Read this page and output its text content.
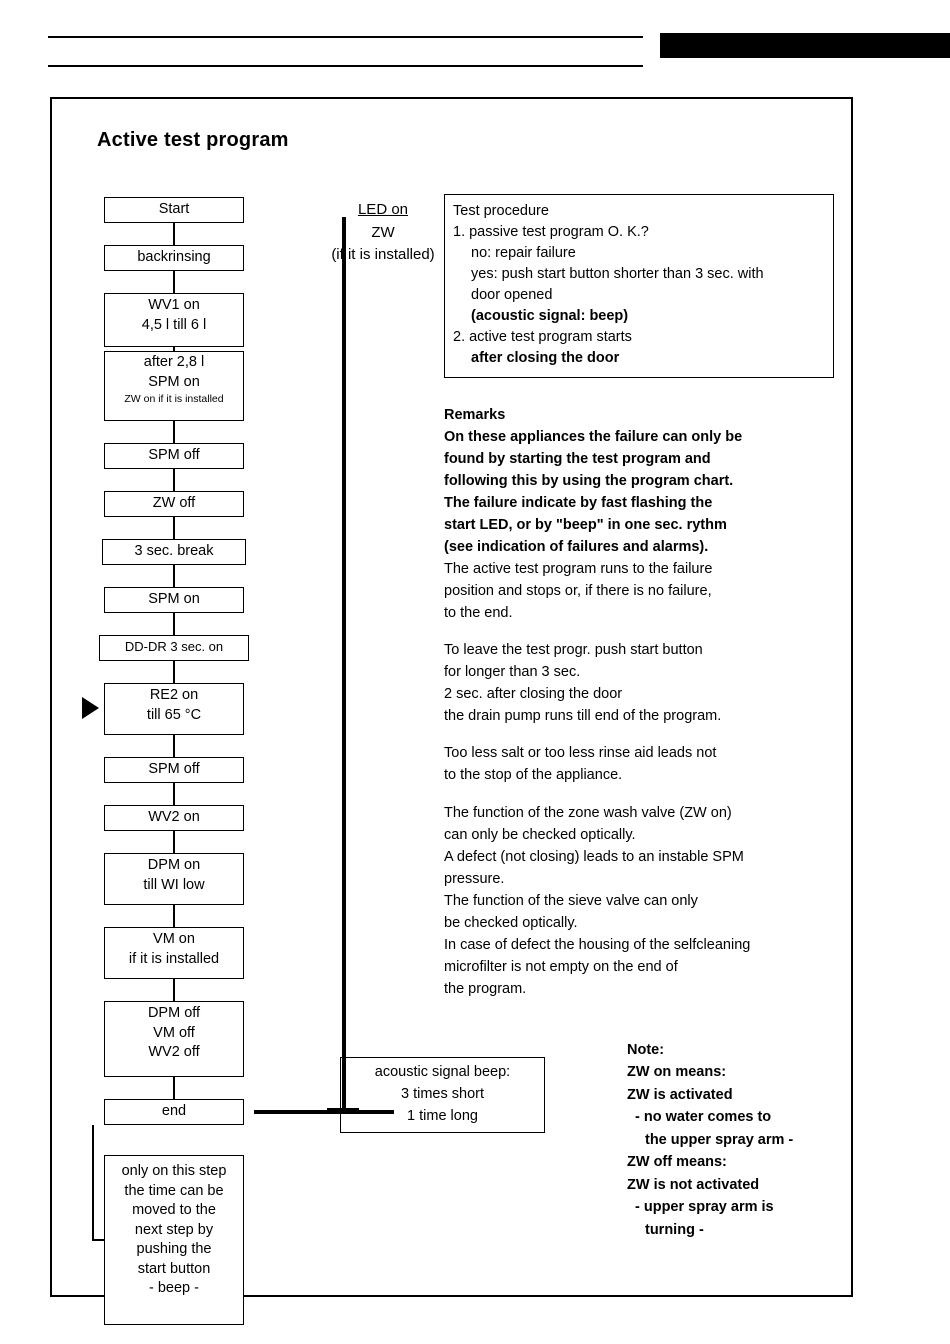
Active test program
Start
backrinsing
WV1 on
4,5 l till 6 l
after 2,8 l
SPM on
ZW on if it is installed
SPM off
ZW off
3 sec. break
SPM on
DD-DR 3 sec. on
RE2 on
till 65 °C
SPM off
WV2 on
DPM on
till WI low
VM on
if it is installed
DPM off
VM off
WV2 off
end
only on this step
the time can be
moved to the
next step by
pushing the
start button
- beep -
LED on
ZW
(if it is installed)
Test procedure
1. passive test program O. K.?
no: repair failure
yes: push start button shorter than 3 sec. with
door opened
(acoustic signal: beep)
2. active test program starts
after closing the door
Remarks
On these appliances the failure can only be
found by starting the test program and
following this by using the program chart.
The failure indicate by fast flashing the
start LED, or by "beep" in one sec. rythm
(see indication of failures and alarms).
The active test program runs to the failure
position and stops or, if there is no failure,
to the end.
To leave the test progr. push start button
for longer than 3 sec.
2 sec. after closing the door
the drain pump runs till end of the program.
Too less salt or too less rinse aid leads not
to the stop of the appliance.
The function of the zone wash valve (ZW on)
can only be checked optically.
A defect (not closing) leads to an instable SPM
pressure.
The function of the sieve valve can only
be checked optically.
In case of defect the housing of the selfcleaning
microfilter is not empty on the end of
the program.
acoustic signal beep:
3 times short
1 time long
Note:
ZW on means:
ZW is activated
- no water comes to
the upper spray arm -
ZW off means:
ZW is not activated
- upper spray arm is
turning -
